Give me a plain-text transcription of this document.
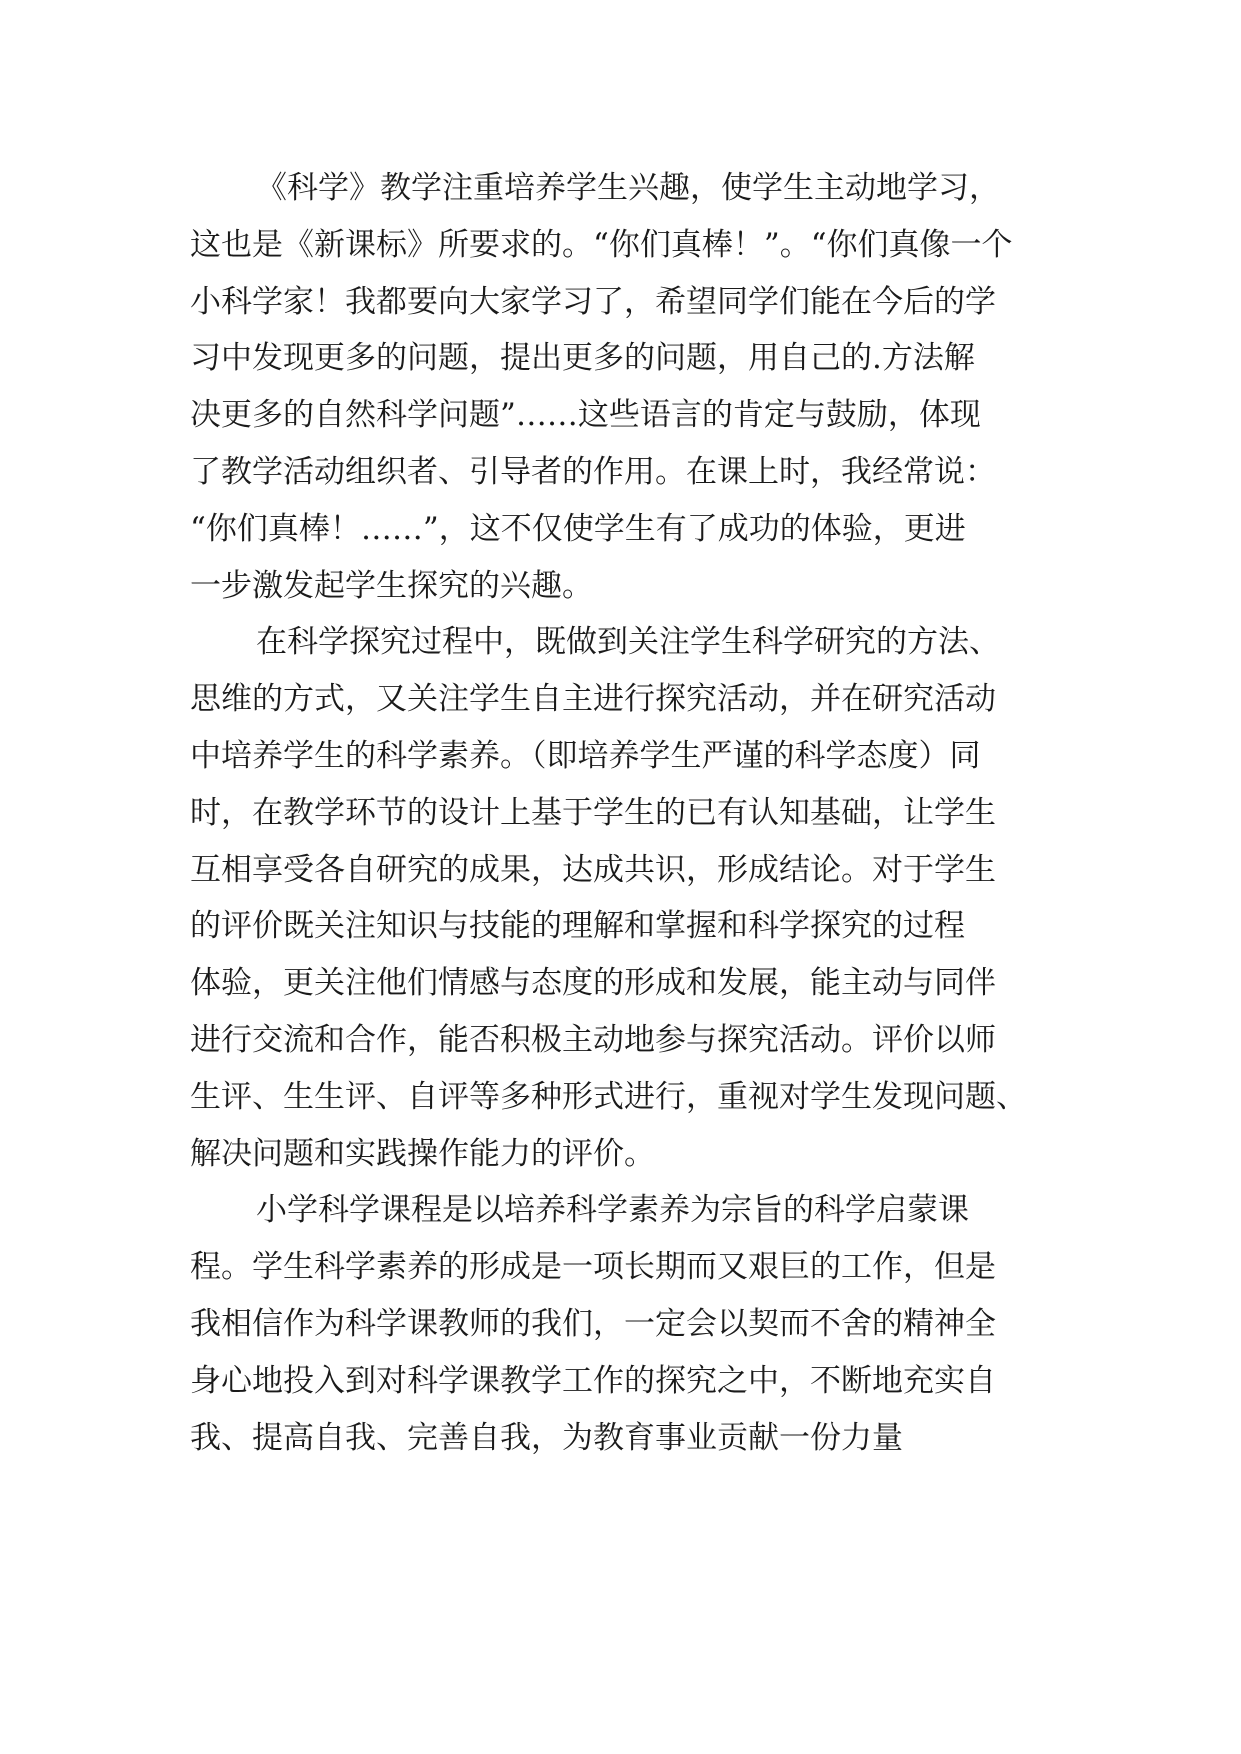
《科学》教学注重培养学生兴趣，使学生主动地学习，
这也是《新课标》所要求的。“你们真棒！”。“你们真像一个
小科学家！我都要向大家学习了，希望同学们能在今后的学
习中发现更多的问题，提出更多的问题，用自己的.方法解
决更多的自然科学问题”……这些语言的肯定与鼓励，体现
了教学活动组织者、引导者的作用。在课上时，我经常说：
“你们真棒！……”，这不仅使学生有了成功的体验，更进
一步激发起学生探究的兴趣。
在科学探究过程中，既做到关注学生科学研究的方法、
思维的方式，又关注学生自主进行探究活动，并在研究活动
中培养学生的科学素养。（即培养学生严谨的科学态度）同
时，在教学环节的设计上基于学生的已有认知基础，让学生
互相享受各自研究的成果，达成共识，形成结论。对于学生
的评价既关注知识与技能的理解和掌握和科学探究的过程
体验，更关注他们情感与态度的形成和发展，能主动与同伴
进行交流和合作，能否积极主动地参与探究活动。评价以师
生评、生生评、自评等多种形式进行，重视对学生发现问题、
解决问题和实践操作能力的评价。
小学科学课程是以培养科学素养为宗旨的科学启蒙课
程。学生科学素养的形成是一项长期而又艰巨的工作，但是
我相信作为科学课教师的我们，一定会以契而不舍的精神全
身心地投入到对科学课教学工作的探究之中，不断地充实自
我、提高自我、完善自我，为教育事业贡献一份力量
